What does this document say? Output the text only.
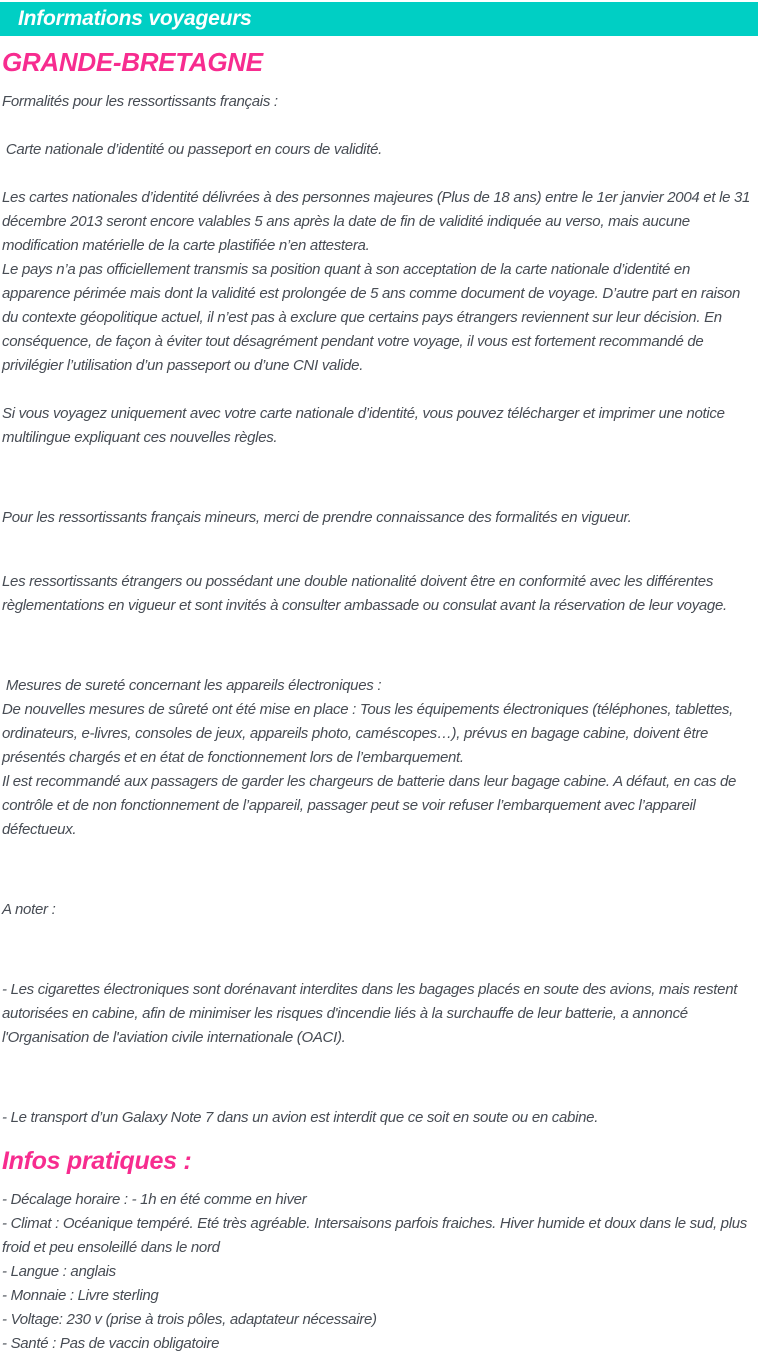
Informations voyageurs
GRANDE-BRETAGNE

Formalités pour les ressortissants français :

Carte nationale d’identité ou passeport en cours de validité.

Les cartes nationales d’identité délivrées à des personnes majeures (Plus de 18 ans) entre le 1er janvier 2004 et le 31 décembre 2013 seront encore valables 5 ans après la date de fin de validité indiquée au verso, mais aucune modification matérielle de la carte plastifiée n’en attestera.

Le pays n’a pas officiellement transmis sa position quant à son acceptation de la carte nationale d’identité en apparence périmée mais dont la validité est prolongée de 5 ans comme document de voyage. D’autre part en raison du contexte géopolitique actuel, il n’est pas à exclure que certains pays étrangers reviennent sur leur décision. En conséquence, de façon à éviter tout désagrément pendant votre voyage, il vous est fortement recommandé de privilégier l’utilisation d’un passeport ou d’une CNI valide.

Si vous voyagez uniquement avec votre carte nationale d’identité, vous pouvez télécharger et imprimer une notice multilingue expliquant ces nouvelles règles.

Pour les ressortissants français mineurs, merci de prendre connaissance des formalités en vigueur.

Les ressortissants étrangers ou possédant une double nationalité doivent être en conformité avec les différentes règlementations en vigueur et sont invités à consulter ambassade ou consulat avant la réservation de leur voyage.

Mesures de sureté concernant les appareils électroniques :

De nouvelles mesures de sûreté ont été mise en place : Tous les équipements électroniques (téléphones, tablettes, ordinateurs, e-livres, consoles de jeux, appareils photo, caméscopes…), prévus en bagage cabine, doivent être présentés chargés et en état de fonctionnement lors de l’embarquement.

Il est recommandé aux passagers de garder les chargeurs de batterie dans leur bagage cabine. A défaut, en cas de contrôle et de non fonctionnement de l’appareil, passager peut se voir refuser l’embarquement avec l’appareil défectueux.

A noter :

- Les cigarettes électroniques sont dorénavant interdites dans les bagages placés en soute des avions, mais restent autorisées en cabine, afin de minimiser les risques d'incendie liés à la surchauffe de leur batterie, a annoncé l'Organisation de l'aviation civile internationale (OACI).

- Le transport d’un Galaxy Note 7 dans un avion est interdit que ce soit en soute ou en cabine.

Infos pratiques :

- Décalage horaire : - 1h en été comme en hiver

- Climat : Océanique tempéré. Eté très agréable. Intersaisons parfois fraiches. Hiver humide et doux dans le sud, plus froid et peu ensoleillé dans le nord

- Langue : anglais

- Monnaie : Livre sterling

- Voltage: 230 v (prise à trois pôles, adaptateur nécessaire)

- Santé : Pas de vaccin obligatoire
